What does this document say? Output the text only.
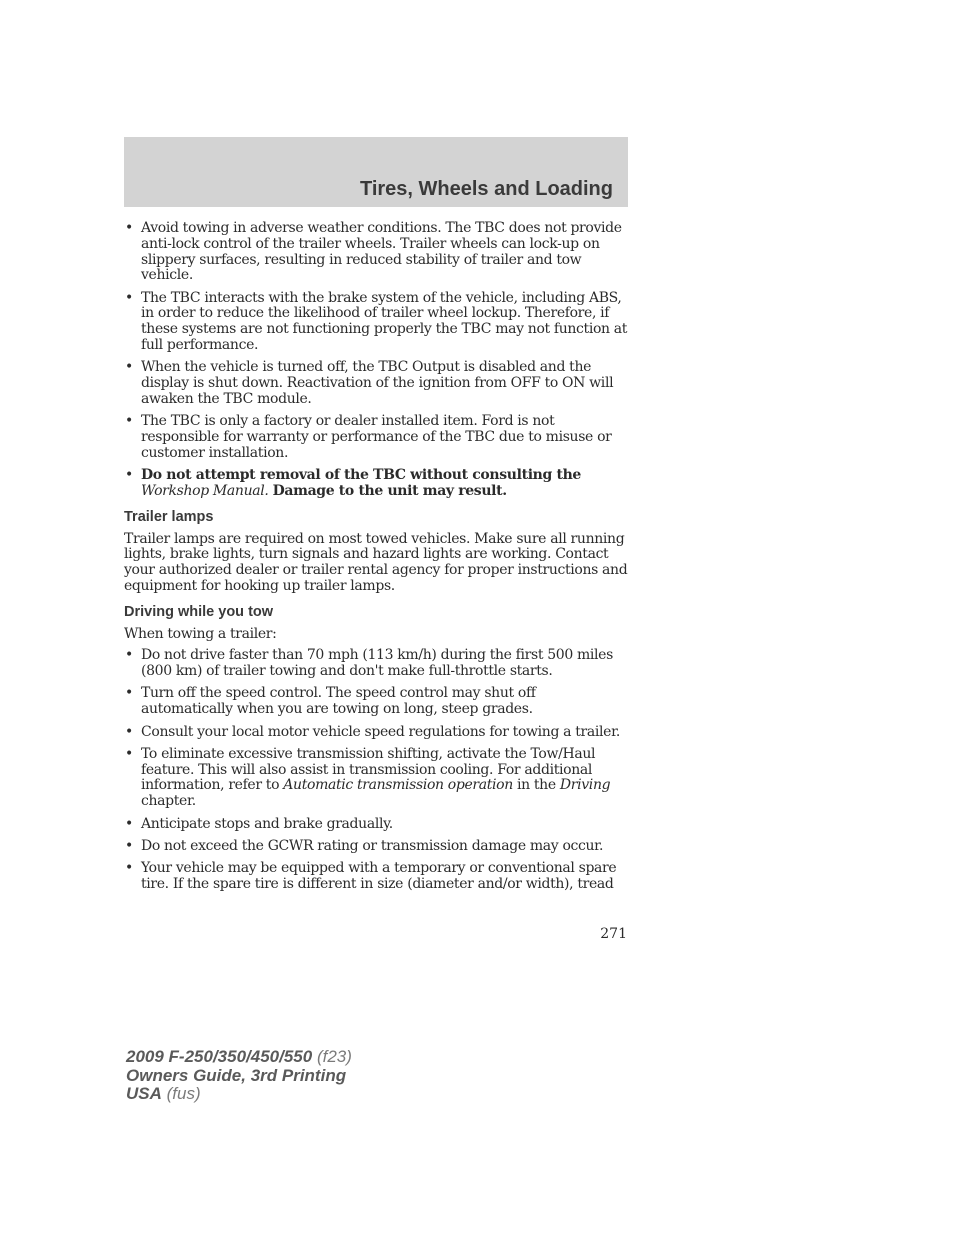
Tires, Wheels and Loading
• Avoid towing in adverse weather conditions. The TBC does not provide anti-lock control of the trailer wheels. Trailer wheels can lock-up on slippery surfaces, resulting in reduced stability of trailer and tow vehicle.
• The TBC interacts with the brake system of the vehicle, including ABS, in order to reduce the likelihood of trailer wheel lockup. Therefore, if these systems are not functioning properly the TBC may not function at full performance.
• When the vehicle is turned off, the TBC Output is disabled and the display is shut down. Reactivation of the ignition from OFF to ON will awaken the TBC module.
• The TBC is only a factory or dealer installed item. Ford is not responsible for warranty or performance of the TBC due to misuse or customer installation.
• Do not attempt removal of the TBC without consulting the Workshop Manual. Damage to the unit may result.
Trailer lamps

Trailer lamps are required on most towed vehicles. Make sure all running lights, brake lights, turn signals and hazard lights are working. Contact your authorized dealer or trailer rental agency for proper instructions and equipment for hooking up trailer lamps.

Driving while you tow

When towing a trailer:

• Do not drive faster than 70 mph (113 km/h) during the first 500 miles (800 km) of trailer towing and don't make full-throttle starts.
• Turn off the speed control. The speed control may shut off automatically when you are towing on long, steep grades.
• Consult your local motor vehicle speed regulations for towing a trailer.
• To eliminate excessive transmission shifting, activate the Tow/Haul feature. This will also assist in transmission cooling. For additional information, refer to Automatic transmission operation in the Driving chapter.
• Anticipate stops and brake gradually.
• Do not exceed the GCWR rating or transmission damage may occur.
• Your vehicle may be equipped with a temporary or conventional spare tire. If the spare tire is different in size (diameter and/or width), tread
271
2009 F-250/350/450/550 (f23)
Owners Guide, 3rd Printing
USA (fus)
